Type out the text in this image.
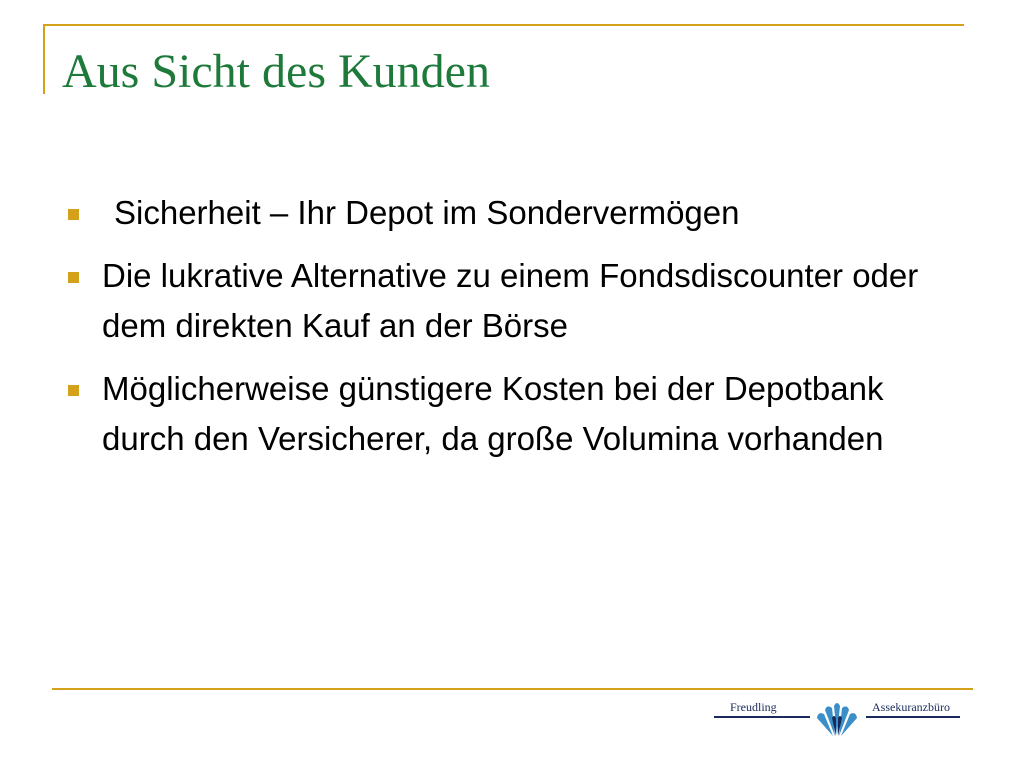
Aus Sicht des Kunden
Sicherheit – Ihr Depot im Sondervermögen
Die lukrative Alternative zu einem Fondsdiscounter oder dem direkten Kauf an der Börse
Möglicherweise günstigere Kosten bei der Depotbank durch den Versicherer, da große Volumina vorhanden
Freudling	Assekuranzbüro
